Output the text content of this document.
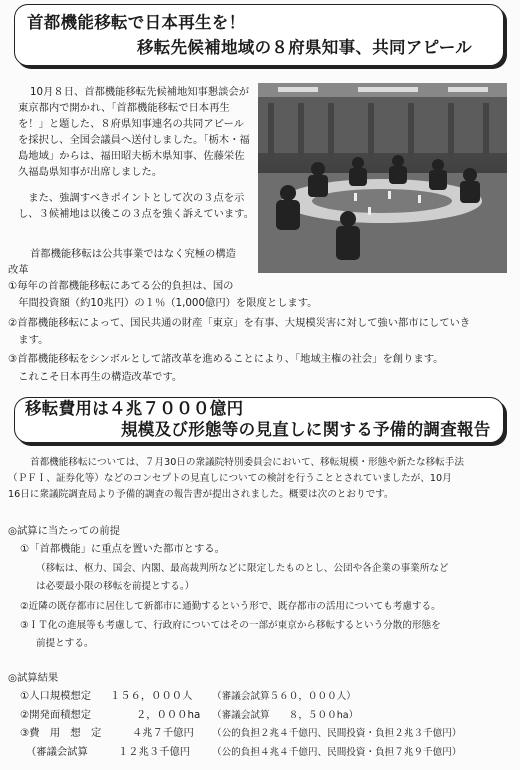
首都機能移転で日本再生を！
移転先候補地域の８府県知事、共同アピール
10月８日、首都機能移転先候補地知事懇談会が
東京都内で開かれ、「首都機能移転で日本再生
を！」と題した、８府県知事連名の共同アピール
を採択し、全国会議員へ送付しました。「栃木・福
島地域」からは、福田昭夫栃木県知事、佐藤栄佐
久福島県知事が出席しました。
　また、強調すべきポイントとして次の３点を示
し、３候補地は以後この３点を強く訴えています。
首都機能移転は公共事業ではなく究極の構造
改革
①毎年の首都機能移転にあてる公的負担は、国の
　年間投資額（約10兆円）の１％（1,000億円）を限度とします。
②首都機能移転によって、国民共通の財産「東京」を有事、大規模災害に対して強い都市にしていき
　ます。
③首都機能移転をシンボルとして諸改革を進めることにより、「地域主権の社会」を創ります。
　これこそ日本再生の構造改革です。
移転費用は４兆７０００億円
規模及び形態等の見直しに関する予備的調査報告
首都機能移転については、７月30日の衆議院特別委員会において、移転規模・形態や新たな移転手法
（ＰＦＩ、証券化等）などのコンセプトの見直しについての検討を行うこととされていましたが、10月
16日に衆議院調査局より予備的調査の報告書が提出されました。概要は次のとおりです。
◎試算に当たっての前提
①「首都機能」に重点を置いた都市とする。
（移転は、枢力、国会、内閣、最高裁判所などに限定したものとし、公団や各企業の事業所など
は必要最小限の移転を前提とする。）
②近隣の既存都市に居住して新都市に通勤するという形で、既存都市の活用についても考慮する。
③ＩＴ化の進展等も考慮して、行政府についてはその一部が東京から移転するという分散的形態を
前提とする。
◎試算結果
①人口規模想定 １５６，０００人 （審議会試算５６０，０００人）
②開発面積想定	２，０００ha （審議会試算　　８，５００ha）
③費　用　想　定	４兆７千億円 （公的負担２兆４千億円、民間投資・負担２兆３千億円）
（審議会試算	１２兆３千億円 （公的負担４兆４千億円、民間投資・負担７兆９千億円）
